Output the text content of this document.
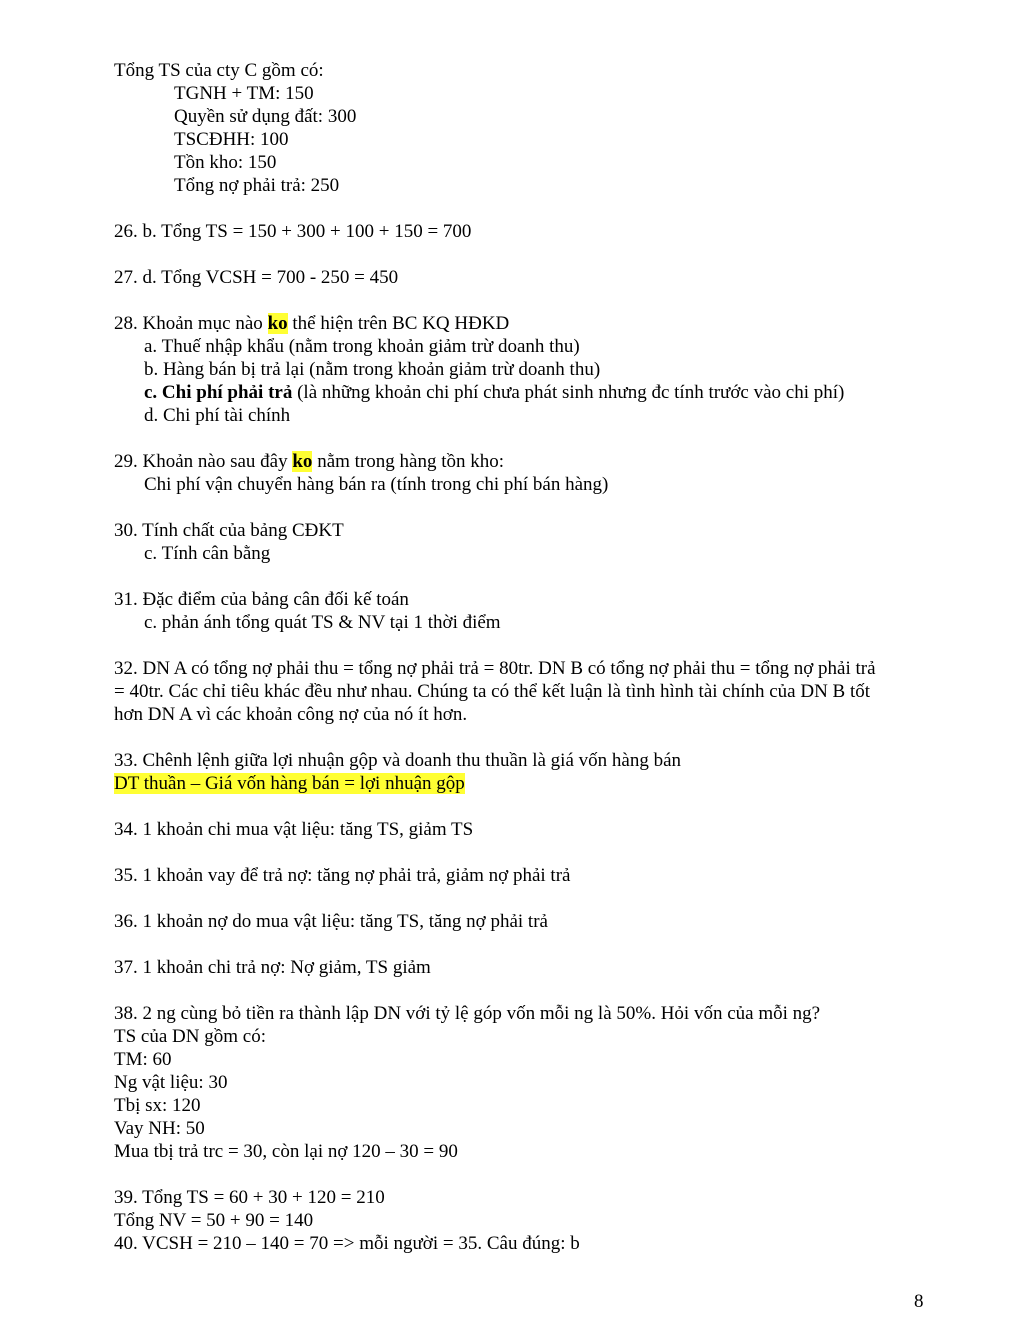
Tổng TS của cty C gồm có:
TGNH + TM: 150
Quyền sử dụng đất: 300
TSCĐHH: 100
Tồn kho: 150
Tổng nợ phải trả: 250
26. b. Tổng TS = 150 + 300 + 100 + 150 = 700
27. d. Tổng VCSH = 700 - 250 = 450
28. Khoản mục nào ko thể hiện trên BC KQ HĐKD
a. Thuế nhập khẩu (nằm trong khoản giảm trừ doanh thu)
b. Hàng bán bị trả lại (nằm trong khoản giảm trừ doanh thu)
c. Chi phí phải trả (là những khoản chi phí chưa phát sinh nhưng đc tính trước vào chi phí)
d. Chi phí tài chính
29. Khoản nào sau đây ko nằm trong hàng tồn kho:
Chi phí vận chuyển hàng bán ra (tính trong chi phí bán hàng)
30. Tính chất của bảng CĐKT
c. Tính cân bằng
31. Đặc điểm của bảng cân đối kế toán
c. phản ánh tổng quát TS & NV tại 1 thời điểm
32. DN A có tổng nợ phải thu = tổng nợ phải trả = 80tr. DN B có tổng nợ phải thu = tổng nợ phải trả
= 40tr. Các chỉ tiêu khác đều như nhau. Chúng ta có thể kết luận là tình hình tài chính của DN B tốt
hơn DN A vì các khoản công nợ của nó ít hơn.
33. Chênh lệnh giữa lợi nhuận gộp và doanh thu thuần là giá vốn hàng bán
DT thuần – Giá vốn hàng bán = lợi nhuận gộp
34. 1 khoản chi mua vật liệu: tăng TS, giảm TS
35. 1 khoản vay để trả nợ: tăng nợ phải trả, giảm nợ phải trả
36. 1 khoản nợ do mua vật liệu: tăng TS, tăng nợ phải trả
37. 1 khoản chi trả nợ: Nợ giảm, TS giảm
38. 2 ng cùng bỏ tiền ra thành lập DN với tỷ lệ góp vốn mỗi ng là 50%. Hỏi vốn của mỗi ng?
TS của DN gồm có:
TM: 60
Ng vật liệu: 30
Tbị sx: 120
Vay NH: 50
Mua tbị trả trc = 30, còn lại nợ 120 – 30 = 90
39. Tổng TS = 60 + 30 + 120 = 210
Tổng NV = 50 + 90 = 140
40. VCSH = 210 – 140 = 70 => mỗi người = 35. Câu đúng: b
8
